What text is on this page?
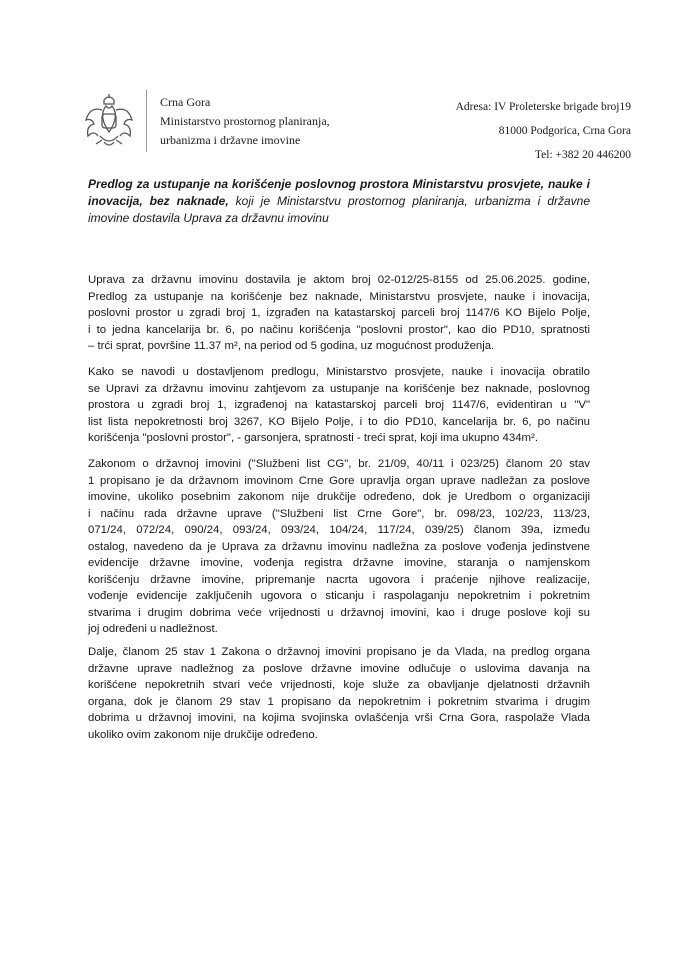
Crna Gora
Ministarstvo prostornog planiranja,
urbanizma i državne imovine
Adresa: IV Proleterske brigade broj19
81000 Podgorica, Crna Gora
Tel: +382 20 446200
Predlog za ustupanje na korišćenje poslovnog prostora Ministarstvu prosvjete, nauke i
inovacija, bez naknade, koji je Ministarstvu prostornog planiranja, urbanizma i državne
imovine dostavila Uprava za državnu imovinu
Uprava za državnu imovinu dostavila je aktom broj 02-012/25-8155 od 25.06.2025. godine,
Predlog za ustupanje na korišćenje bez naknade, Ministarstvu prosvjete, nauke i inovacija,
poslovni prostor u zgradi broj 1, izgrađen na katastarskoj parceli broj 1147/6 KO Bijelo Polje,
i to jedna kancelarija br. 6, po načinu korišćenja "poslovni prostor", kao dio PD10, spratnosti
– trći sprat, površine 11.37 m², na period od 5 godina, uz mogućnost produženja.
Kako se navodi u dostavljenom predlogu, Ministarstvo prosvjete, nauke i inovacija obratilo
se Upravi za državnu imovinu zahtjevom za ustupanje na korišćenje bez naknade, poslovnog
prostora u zgradi broj 1, izgrađenoj na katastarskoj parceli broj 1147/6, evidentiran u "V"
list lista nepokretnosti broj 3267, KO Bijelo Polje, i to dio PD10, kancelarija br. 6, po načinu
korišćenja "poslovni prostor", - garsonjera, spratnosti - treći sprat, koji ima ukupno 434m².
Zakonom o državnoj imovini ("Službeni list CG", br. 21/09, 40/11 i 023/25) članom 20 stav
1 propisano je da državnom imovinom Crne Gore upravlja organ uprave nadležan za poslove
imovine, ukoliko posebnim zakonom nije drukčije određeno, dok je Uredbom o organizaciji
i načinu rada državne uprave ("Službeni list Crne Gore", br. 098/23, 102/23, 113/23,
071/24, 072/24, 090/24, 093/24, 093/24, 104/24, 117/24, 039/25) članom 39a, između
ostalog, navedeno da je Uprava za državnu imovinu nadležna za poslove vođenja jedinstvene
evidencije državne imovine, vođenja registra državne imovine, staranja o namjenskom
korišćenju državne imovine, pripremanje nacrta ugovora i praćenje njihove realizacije,
vođenje evidencije zaključenih ugovora o sticanju i raspolaganju nepokretnim i pokretnim
stvarima i drugim dobrima veće vrijednosti u državnoj imovini, kao i druge poslove koji su
joj određeni u nadležnost.
Dalje, članom 25 stav 1 Zakona o državnoj imovini propisano je da Vlada, na predlog organa
državne uprave nadležnog za poslove državne imovine odlučuje o uslovima davanja na
korišćene nepokretnih stvari veće vrijednosti, koje služe za obavljanje djelatnosti državnih
organa, dok je članom 29 stav 1 propisano da nepokretnim i pokretnim stvarima i drugim
dobrima u državnoj imovini, na kojima svojinska ovlašćenja vrši Crna Gora, raspolaže Vlada
ukoliko ovim zakonom nije drukčije određeno.
